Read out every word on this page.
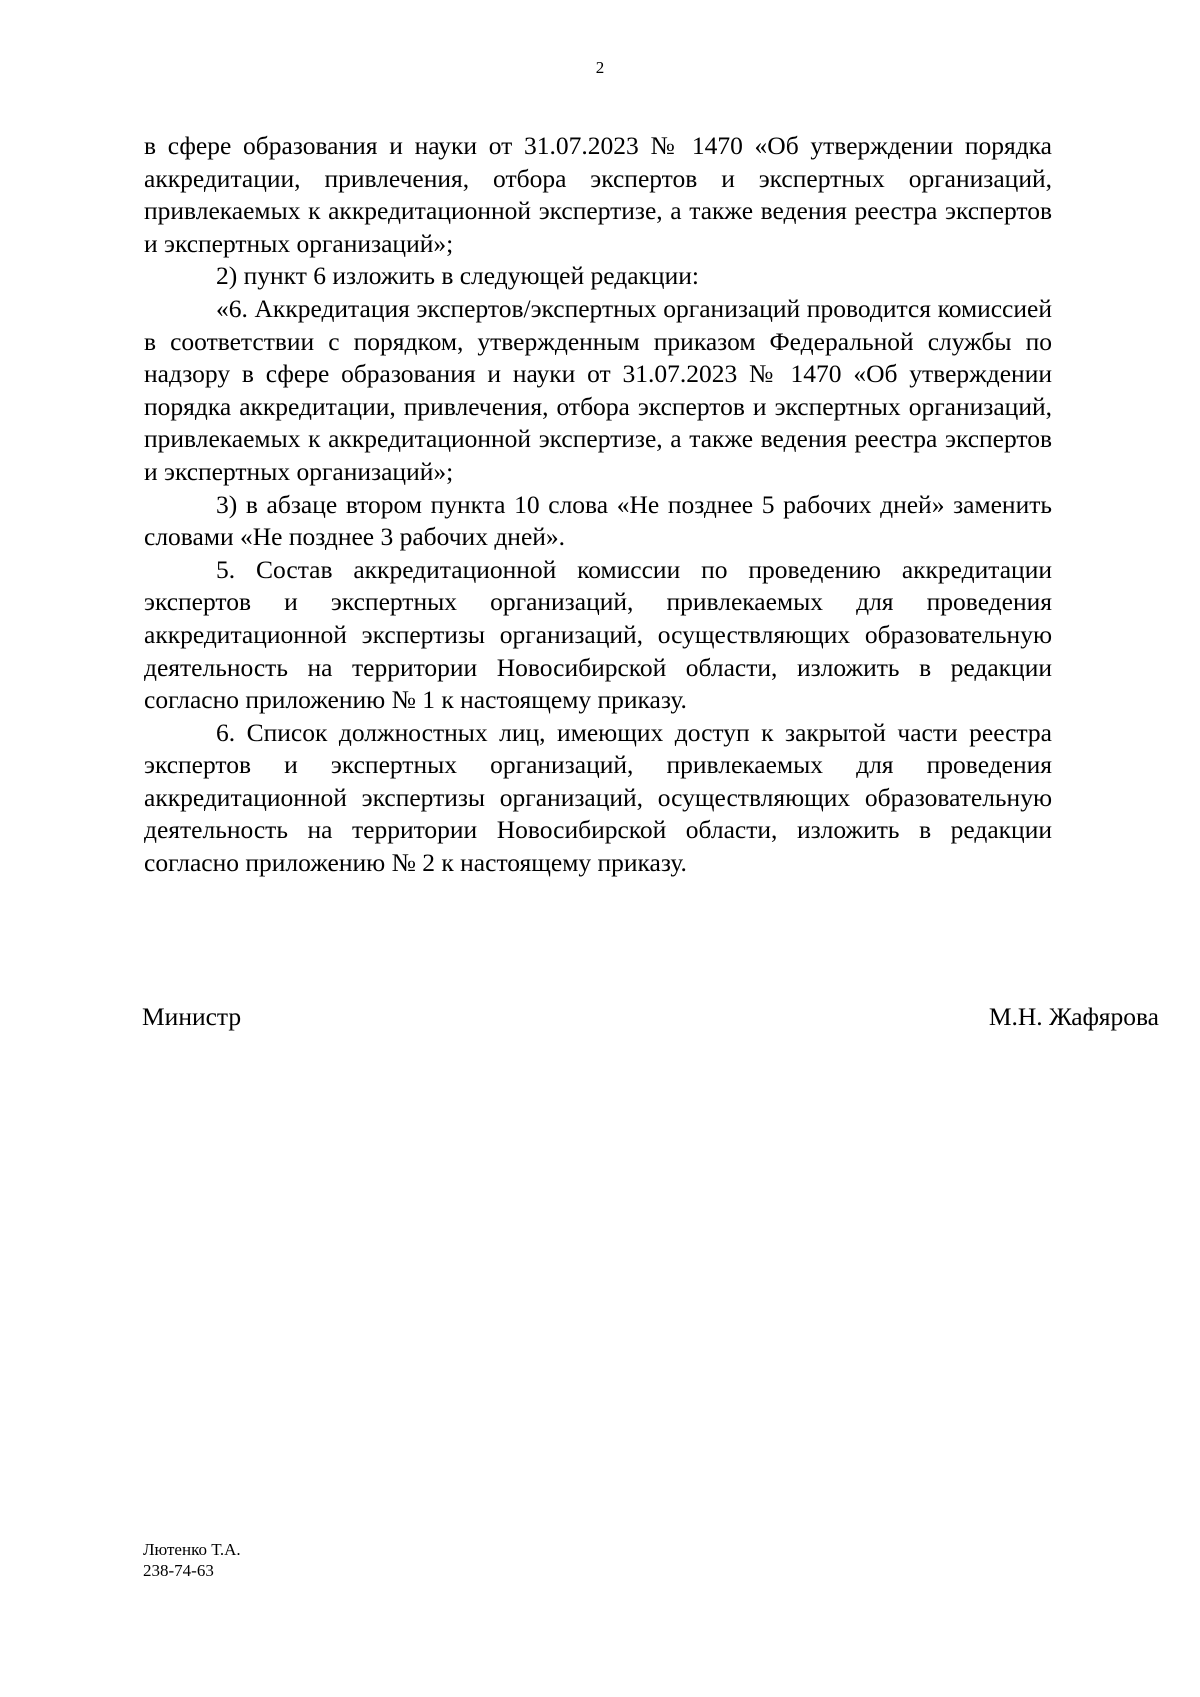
2

в сфере образования и науки от 31.07.2023 № 1470 «Об утверждении порядка аккредитации, привлечения, отбора экспертов и экспертных организаций, привлекаемых к аккредитационной экспертизе, а также ведения реестра экспертов и экспертных организаций»;

2) пункт 6 изложить в следующей редакции:

«6. Аккредитация экспертов/экспертных организаций проводится комиссией в соответствии с порядком, утвержденным приказом Федеральной службы по надзору в сфере образования и науки от 31.07.2023 № 1470 «Об утверждении порядка аккредитации, привлечения, отбора экспертов и экспертных организаций, привлекаемых к аккредитационной экспертизе, а также ведения реестра экспертов и экспертных организаций»;

3) в абзаце втором пункта 10 слова «Не позднее 5 рабочих дней» заменить словами «Не позднее 3 рабочих дней».

5. Состав аккредитационной комиссии по проведению аккредитации экспертов и экспертных организаций, привлекаемых для проведения аккредитационной экспертизы организаций, осуществляющих образовательную деятельность на территории Новосибирской области, изложить в редакции согласно приложению № 1 к настоящему приказу.

6. Список должностных лиц, имеющих доступ к закрытой части реестра экспертов и экспертных организаций, привлекаемых для проведения аккредитационной экспертизы организаций, осуществляющих образовательную деятельность на территории Новосибирской области, изложить в редакции согласно приложению № 2 к настоящему приказу.

Министр	М.Н. Жафярова
Лютенко Т.А.
238-74-63
